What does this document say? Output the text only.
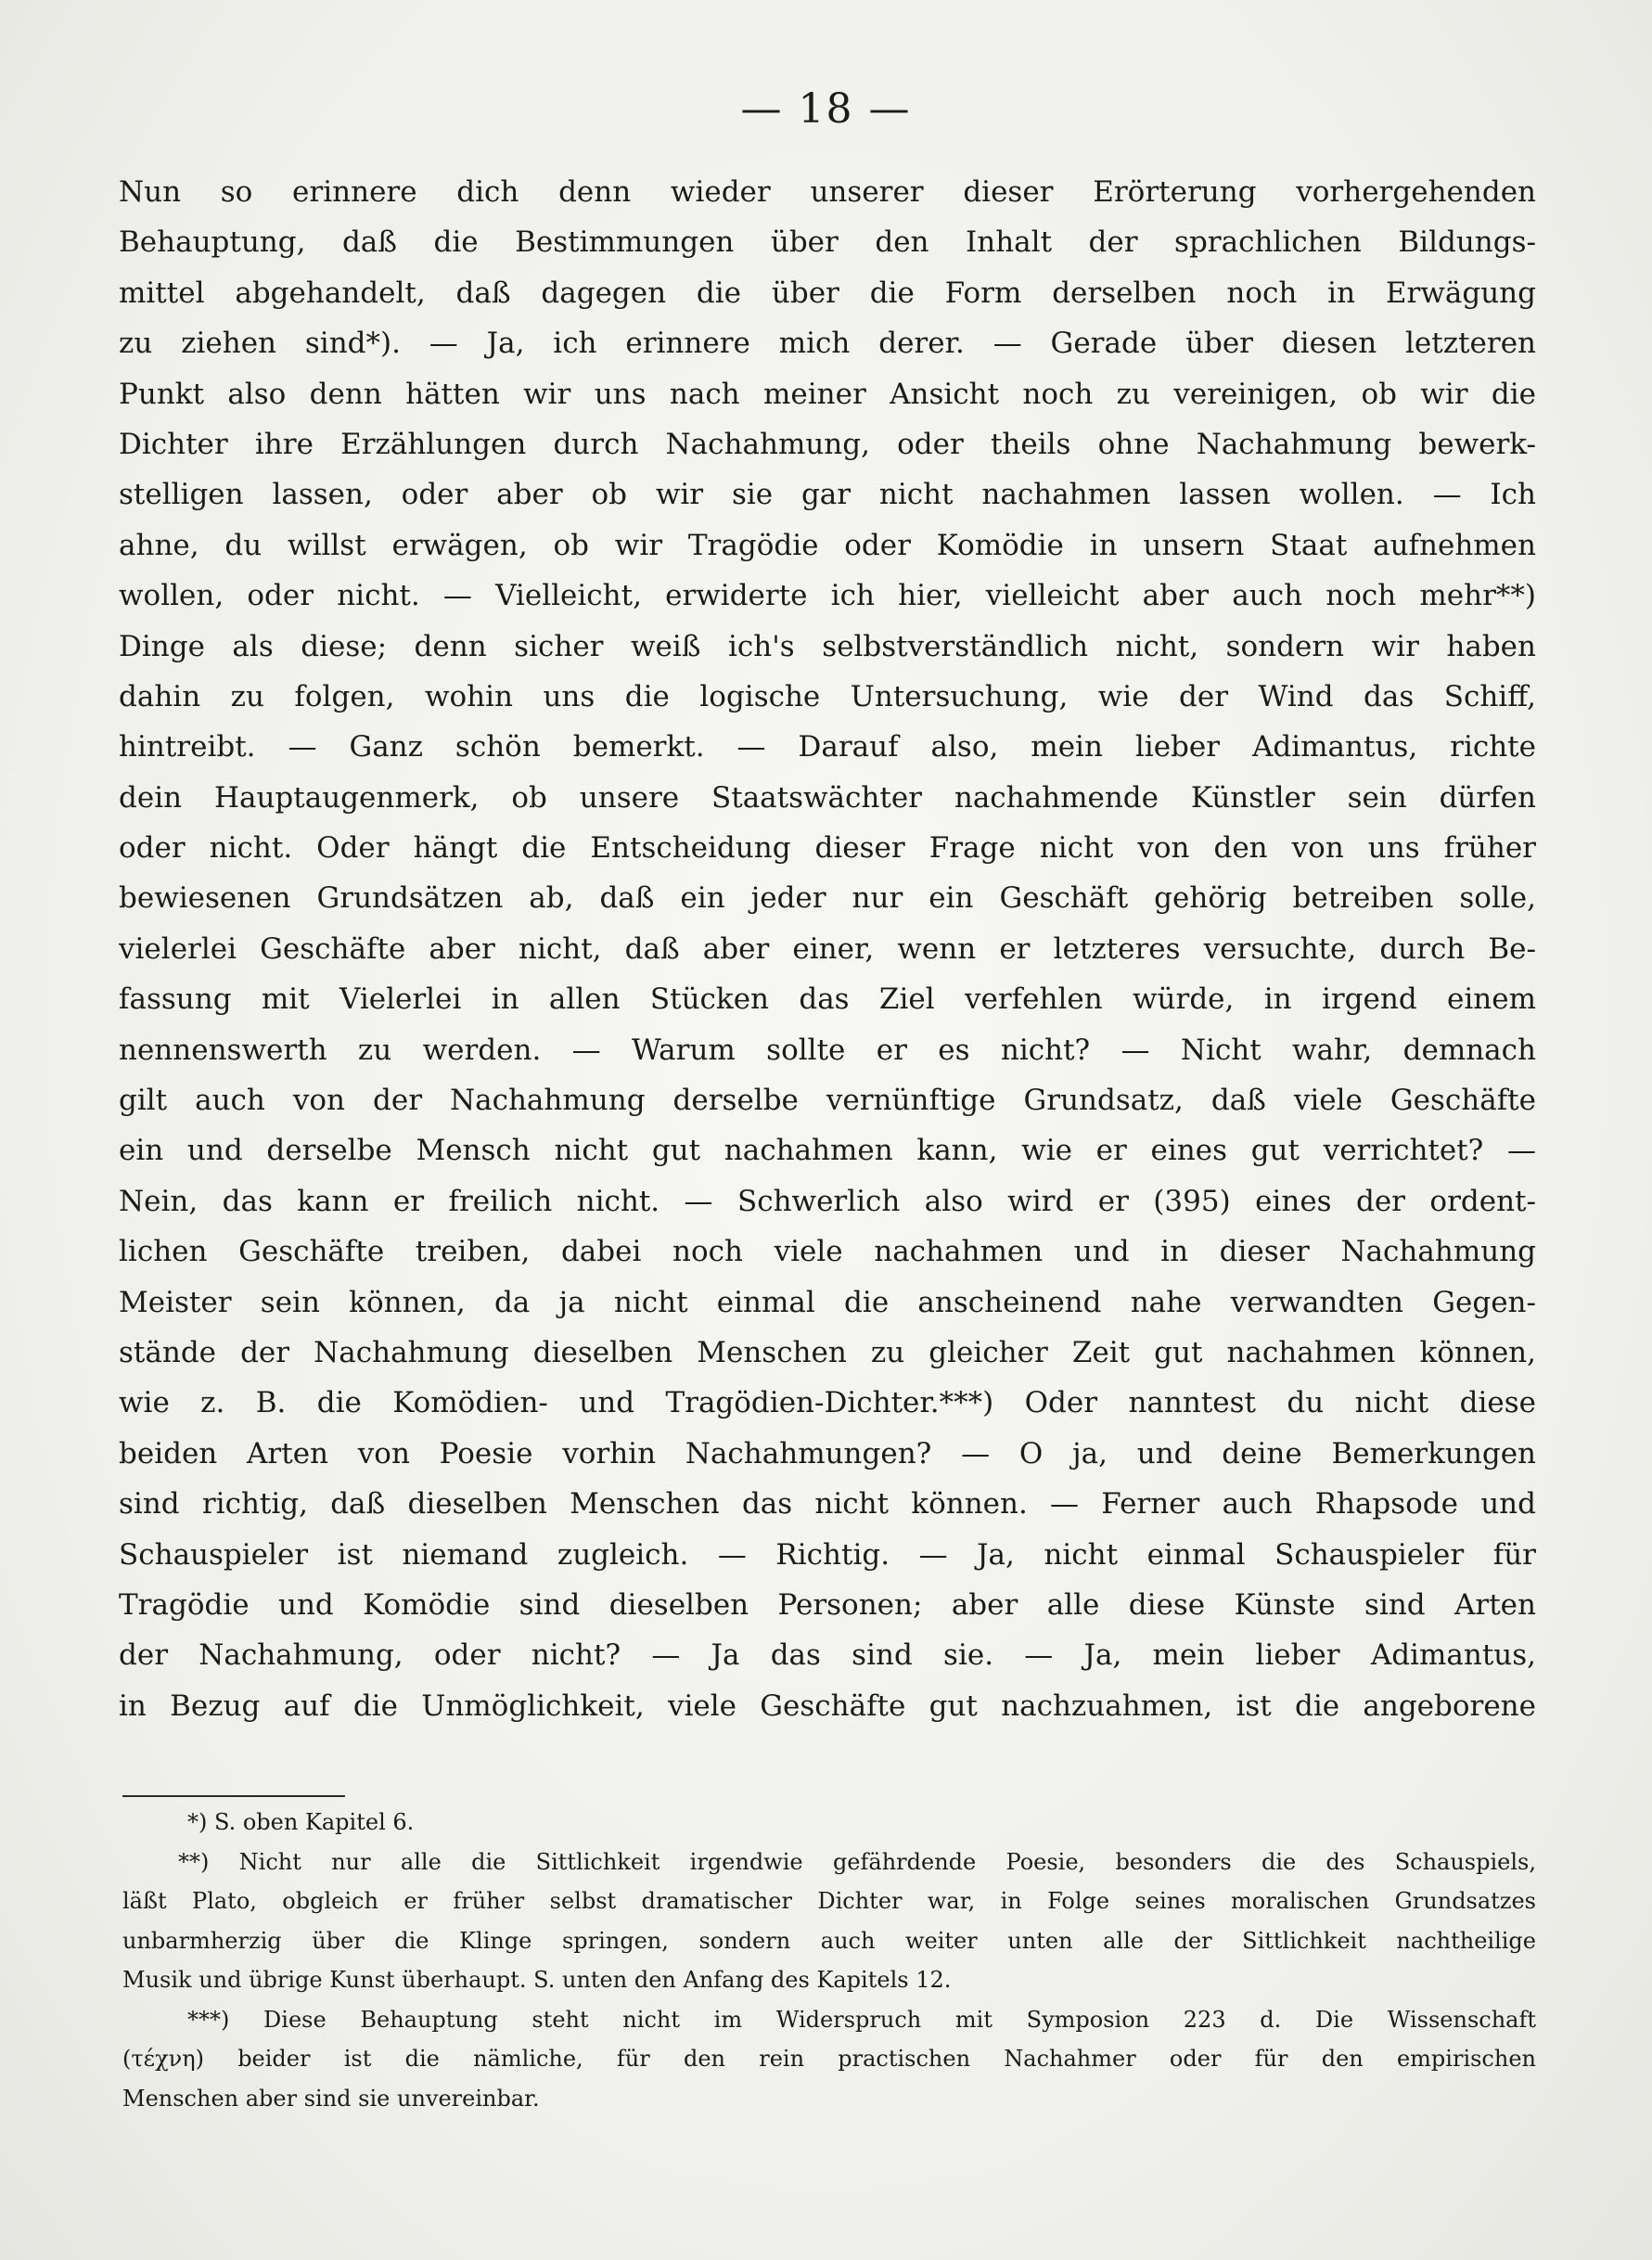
— 18 —
Nun so erinnere dich denn wieder unserer dieser Erörterung vorhergehenden
Behauptung, daß die Bestimmungen über den Inhalt der sprachlichen Bildungs-
mittel abgehandelt, daß dagegen die über die Form derselben noch in Erwägung
zu ziehen sind*). — Ja, ich erinnere mich derer. — Gerade über diesen letzteren
Punkt also denn hätten wir uns nach meiner Ansicht noch zu vereinigen, ob wir die
Dichter ihre Erzählungen durch Nachahmung, oder theils ohne Nachahmung bewerk-
stelligen lassen, oder aber ob wir sie gar nicht nachahmen lassen wollen. — Ich
ahne, du willst erwägen, ob wir Tragödie oder Komödie in unsern Staat aufnehmen
wollen, oder nicht. — Vielleicht, erwiderte ich hier, vielleicht aber auch noch mehr**)
Dinge als diese; denn sicher weiß ich's selbstverständlich nicht, sondern wir haben
dahin zu folgen, wohin uns die logische Untersuchung, wie der Wind das Schiff,
hintreibt. — Ganz schön bemerkt. — Darauf also, mein lieber Adimantus, richte
dein Hauptaugenmerk, ob unsere Staatswächter nachahmende Künstler sein dürfen
oder nicht. Oder hängt die Entscheidung dieser Frage nicht von den von uns früher
bewiesenen Grundsätzen ab, daß ein jeder nur ein Geschäft gehörig betreiben solle,
vielerlei Geschäfte aber nicht, daß aber einer, wenn er letzteres versuchte, durch Be-
fassung mit Vielerlei in allen Stücken das Ziel verfehlen würde, in irgend einem
nennenswerth zu werden. — Warum sollte er es nicht? — Nicht wahr, demnach
gilt auch von der Nachahmung derselbe vernünftige Grundsatz, daß viele Geschäfte
ein und derselbe Mensch nicht gut nachahmen kann, wie er eines gut verrichtet? —
Nein, das kann er freilich nicht. — Schwerlich also wird er (395) eines der ordent-
lichen Geschäfte treiben, dabei noch viele nachahmen und in dieser Nachahmung
Meister sein können, da ja nicht einmal die anscheinend nahe verwandten Gegen-
stände der Nachahmung dieselben Menschen zu gleicher Zeit gut nachahmen können,
wie z. B. die Komödien- und Tragödien-Dichter.***) Oder nanntest du nicht diese
beiden Arten von Poesie vorhin Nachahmungen? — O ja, und deine Bemerkungen
sind richtig, daß dieselben Menschen das nicht können. — Ferner auch Rhapsode und
Schauspieler ist niemand zugleich. — Richtig. — Ja, nicht einmal Schauspieler für
Tragödie und Komödie sind dieselben Personen; aber alle diese Künste sind Arten
der Nachahmung, oder nicht? — Ja das sind sie. — Ja, mein lieber Adimantus,
in Bezug auf die Unmöglichkeit, viele Geschäfte gut nachzuahmen, ist die angeborene
*) S. oben Kapitel 6.
**) Nicht nur alle die Sittlichkeit irgendwie gefährdende Poesie, besonders die des Schauspiels,
läßt Plato, obgleich er früher selbst dramatischer Dichter war, in Folge seines moralischen Grundsatzes
unbarmherzig über die Klinge springen, sondern auch weiter unten alle der Sittlichkeit nachtheilige
Musik und übrige Kunst überhaupt. S. unten den Anfang des Kapitels 12.
***) Diese Behauptung steht nicht im Widerspruch mit Symposion 223 d. Die Wissenschaft
(τέχνη) beider ist die nämliche, für den rein practischen Nachahmer oder für den empirischen
Menschen aber sind sie unvereinbar.
